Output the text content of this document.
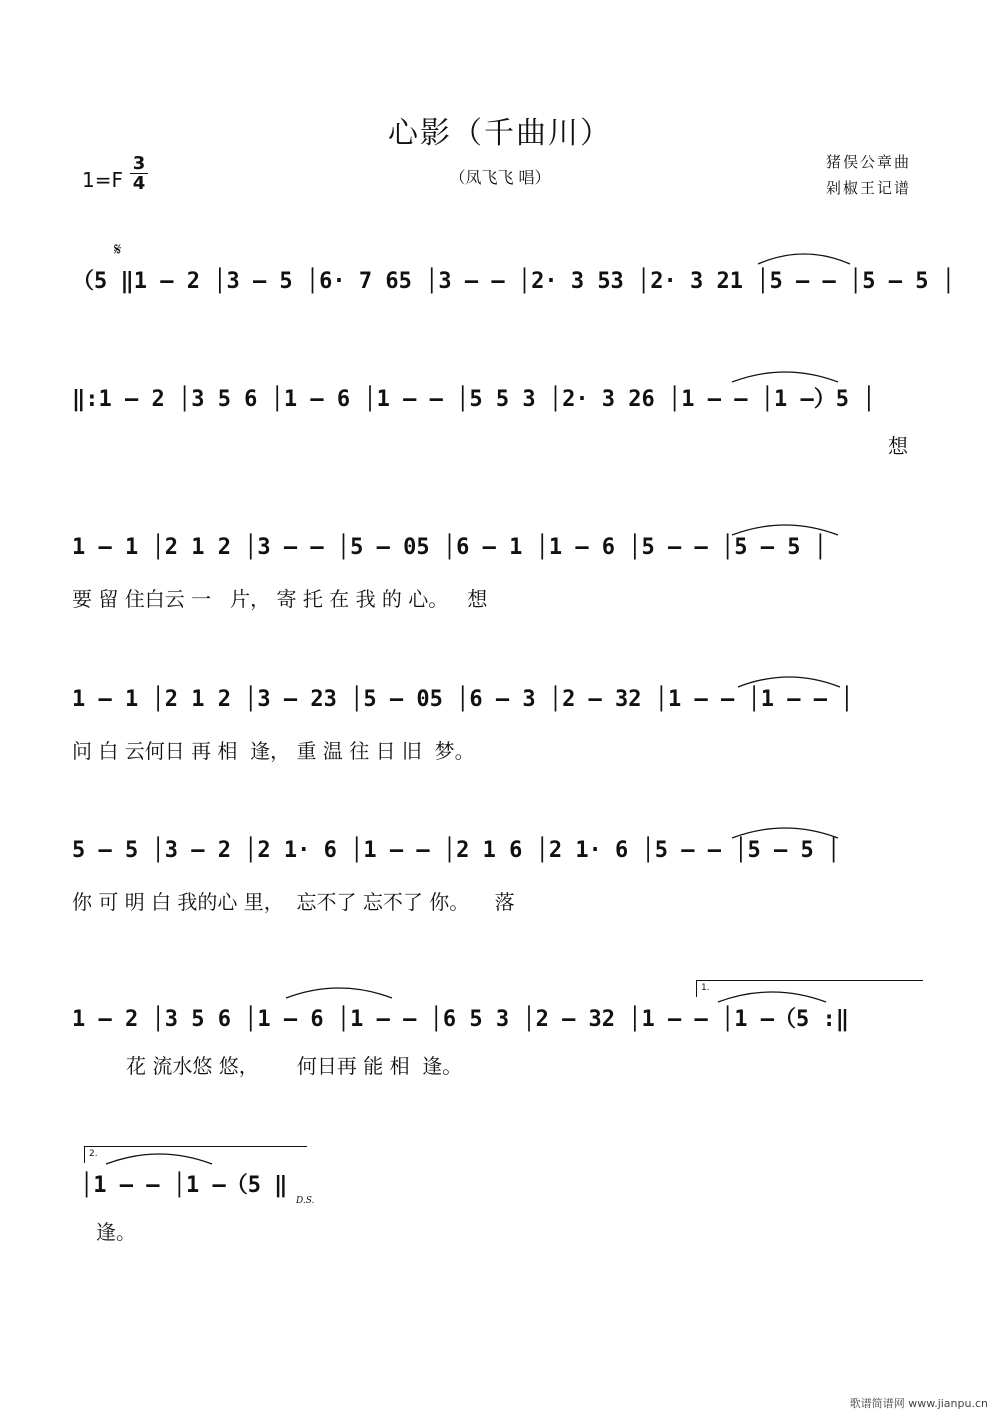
心影（千曲川）
（凤飞飞 唱）
1=F
3
4
猪俣公章曲
剁椒王记谱
𝄋
（5 ‖1 – 2 │3 – 5 │6· 7 65 │3 – – │2· 3 53 │2· 3 21 │5 – – │5 – 5 │
‖:1 – 2 │3 5 6 │1 – 6 │1 – – │5 5 3 │2· 3 26 │1 – – │1 –）5 │
想
1 – 1 │2 1 2 │3 – – │5 – 05 │6 – 1 │1 – 6 │5 – – │5 – 5 │
要 留 住白云 一   片， 寄 托 在 我 的 心。   想
1 – 1 │2 1 2 │3 – 23 │5 – 05 │6 – 3 │2 – 32 │1 – – │1 – – │
问 白 云何日 再 相  逢， 重 温 往 日 旧  梦。
5 – 5 │3 – 2 │2 1· 6 │1 – – │2 1 6 │2 1· 6 │5 – – │5 – 5 │
你 可 明 白 我的心 里，  忘不了 忘不了 你。    落
1 – 2 │3 5 6 │1 – 6 │1 – – │6 5 3 │2 – 32 │1 – – │1 –（5 :‖
花 流水悠 悠，      何日再 能 相  逢。
1.
│1 – – │1 –（5 ‖
逢。
2.
D.S.
歌谱简谱网 www.jianpu.cn
